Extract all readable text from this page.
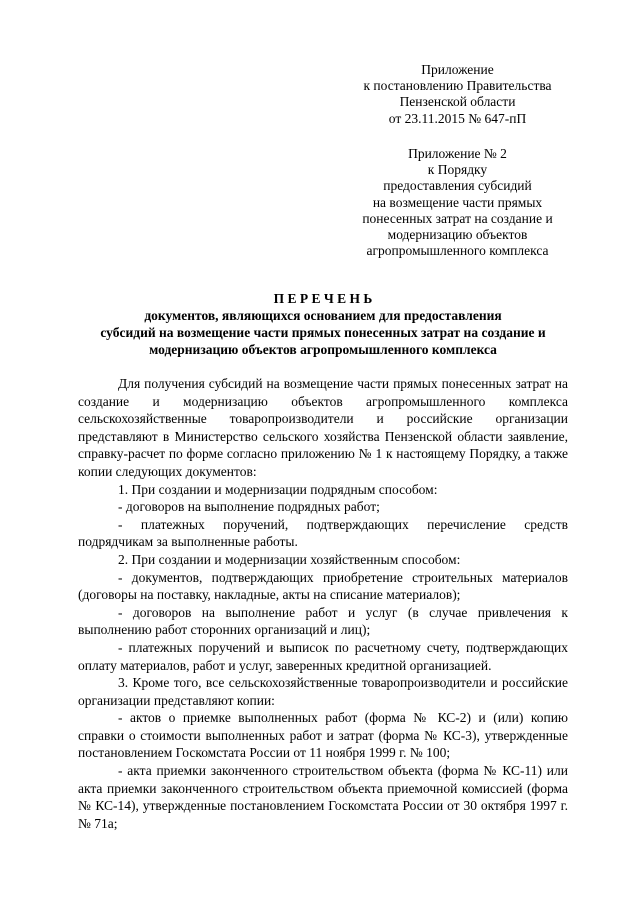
Приложение
к постановлению Правительства
Пензенской области
от 23.11.2015 № 647-пП
Приложение № 2
к Порядку
предоставления субсидий
на возмещение части прямых
понесенных затрат на создание и
модернизацию объектов
агропромышленного комплекса
П Е Р Е Ч Е Н Ь
документов, являющихся основанием для предоставления
субсидий на возмещение части прямых понесенных затрат на создание и
модернизацию объектов агропромышленного комплекса

Для получения субсидий на возмещение части прямых понесенных затрат на создание и модернизацию объектов агропромышленного комплекса сельскохозяйственные товаропроизводители и российские организации представляют в Министерство сельского хозяйства Пензенской области заявление, справку-расчет по форме согласно приложению № 1 к настоящему Порядку, а также копии следующих документов:

1. При создании и модернизации подрядным способом:

- договоров на выполнение подрядных работ;

- платежных поручений, подтверждающих перечисление средств подрядчикам за выполненные работы.

2. При создании и модернизации хозяйственным способом:

- документов, подтверждающих приобретение строительных материалов (договоры на поставку, накладные, акты на списание материалов);

- договоров на выполнение работ и услуг (в случае привлечения к выполнению работ сторонних организаций и лиц);

- платежных поручений и выписок по расчетному счету, подтверждающих оплату материалов, работ и услуг, заверенных кредитной организацией.

3. Кроме того, все сельскохозяйственные товаропроизводители и российские организации представляют копии:

- актов о приемке выполненных работ (форма № КС-2) и (или) копию справки о стоимости выполненных работ и затрат (форма № КС-3), утвержденные постановлением Госкомстата России от 11 ноября 1999 г. № 100;

- акта приемки законченного строительством объекта (форма № КС-11) или акта приемки законченного строительством объекта приемочной комиссией (форма № КС-14), утвержденные постановлением Госкомстата России от 30 октября 1997 г. № 71а;
